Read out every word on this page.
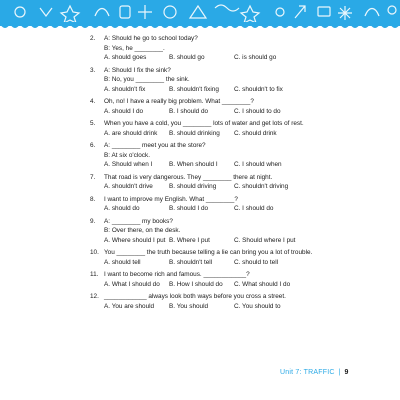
2.	A: Should he go to school today?
B: Yes, he ________.
A. should goes	B. should go	C. is should go
3.	A: Should I fix the sink?
B: No, you ________ the sink.
A. shouldn't fix	B. shouldn't fixing	C. shouldn't to fix
4.	Oh, no! I have a really big problem. What ________?
A. should I do	B. I should do	C. I should to do
5.	When you have a cold, you ________ lots of water and get lots of rest.
A. are should drink	B. should drinking	C. should drink
6.	A: ________ meet you at the store?
B: At six o'clock.
A. Should when I	B. When should I	C. I should when
7.	That road is very dangerous. They ________ there at night.
A. shouldn't drive	B. should driving	C. shouldn't driving
8.	I want to improve my English. What ________?
A. should do	B. should I do	C. I should do
9.	A: ________ my books?
B: Over there, on the desk.
A. Where should I put B. Where I put	C. Should where I put
10. You ________ the truth because telling a lie can bring you a lot of trouble.
A. should tell	B. shouldn't tell	C. should to tell
11. I want to become rich and famous. ____________?
A. What I should do	B. How I should do	C. What should I do
12. ____________ always look both ways before you cross a street.
A. You are should	B. You should	C. You should to
Unit 7: TRAFFIC | 9
